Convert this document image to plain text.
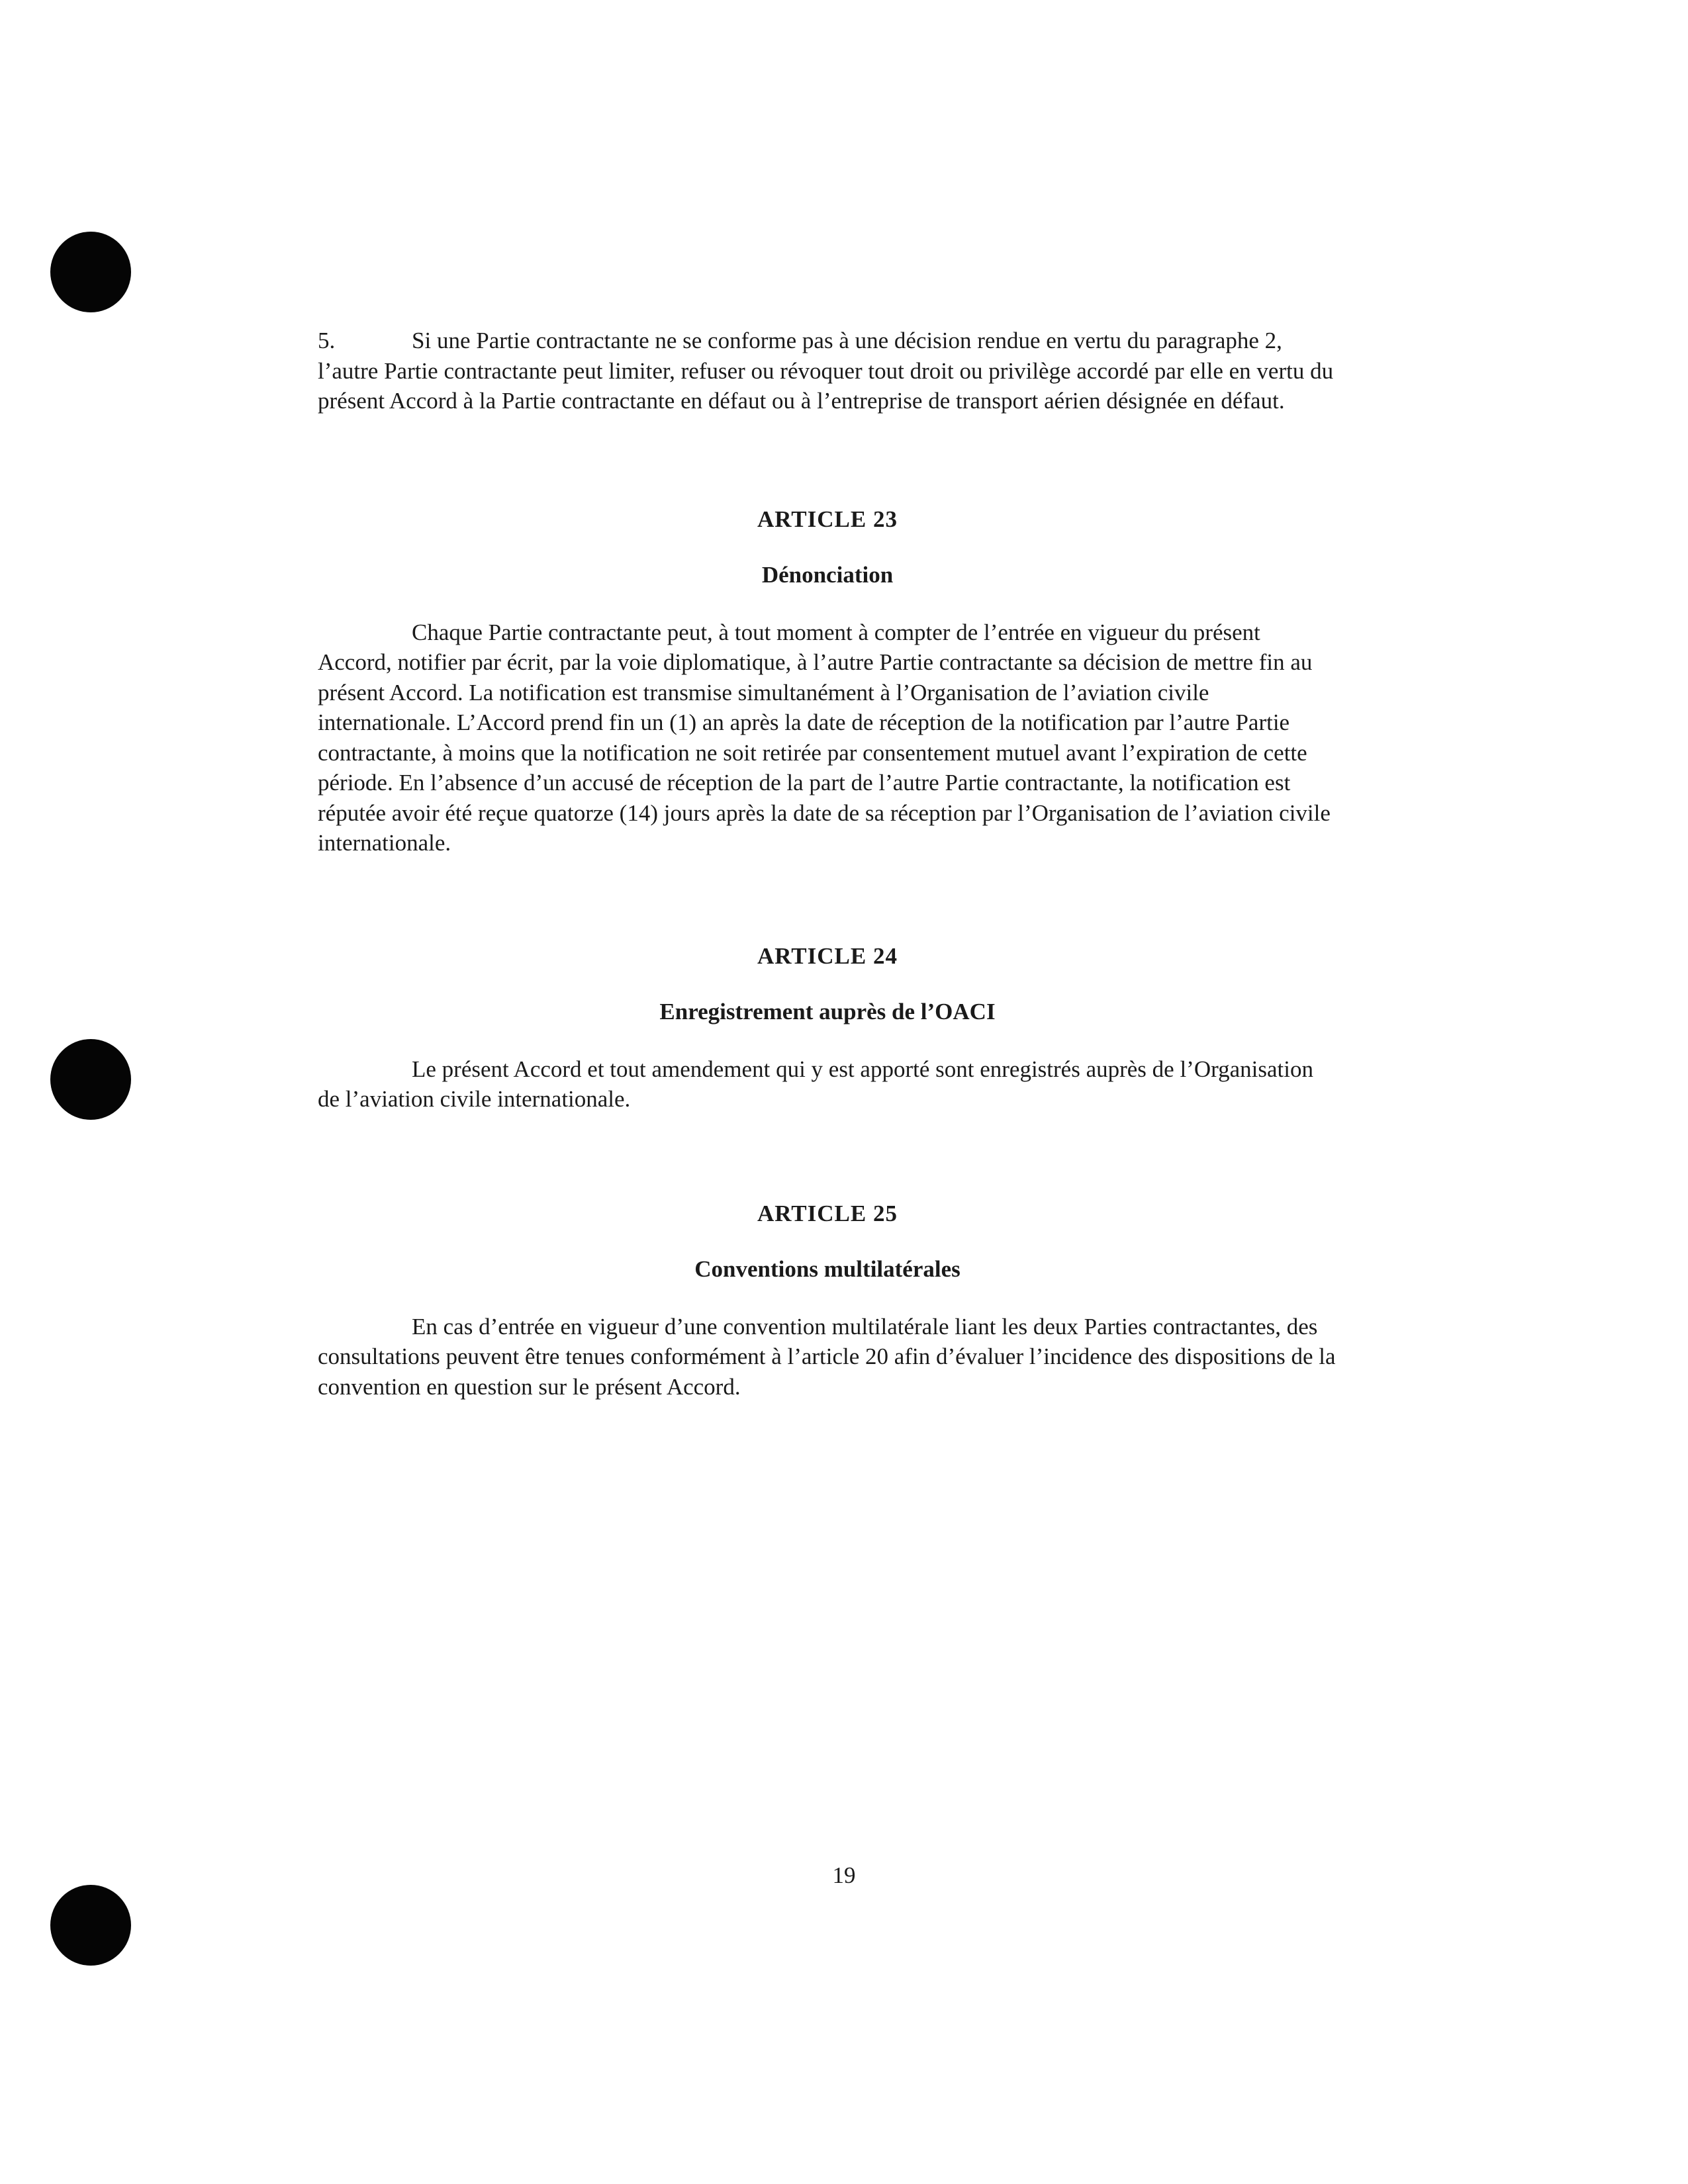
5.	Si une Partie contractante ne se conforme pas à une décision rendue en vertu du paragraphe 2, l’autre Partie contractante peut limiter, refuser ou révoquer tout droit ou privilège accordé par elle en vertu du présent Accord à la Partie contractante en défaut ou à l’entreprise de transport aérien désignée en défaut.

ARTICLE 23
Dénonciation

Chaque Partie contractante peut, à tout moment à compter de l’entrée en vigueur du présent Accord, notifier par écrit, par la voie diplomatique, à l’autre Partie contractante sa décision de mettre fin au présent Accord. La notification est transmise simultanément à l’Organisation de l’aviation civile internationale. L’Accord prend fin un (1) an après la date de réception de la notification par l’autre Partie contractante, à moins que la notification ne soit retirée par consentement mutuel avant l’expiration de cette période. En l’absence d’un accusé de réception de la part de l’autre Partie contractante, la notification est réputée avoir été reçue quatorze (14) jours après la date de sa réception par l’Organisation de l’aviation civile internationale.

ARTICLE 24
Enregistrement auprès de l’OACI

Le présent Accord et tout amendement qui y est apporté sont enregistrés auprès de l’Organisation de l’aviation civile internationale.

ARTICLE 25
Conventions multilatérales

En cas d’entrée en vigueur d’une convention multilatérale liant les deux Parties contractantes, des consultations peuvent être tenues conformément à l’article 20 afin d’évaluer l’incidence des dispositions de la convention en question sur le présent Accord.

19
